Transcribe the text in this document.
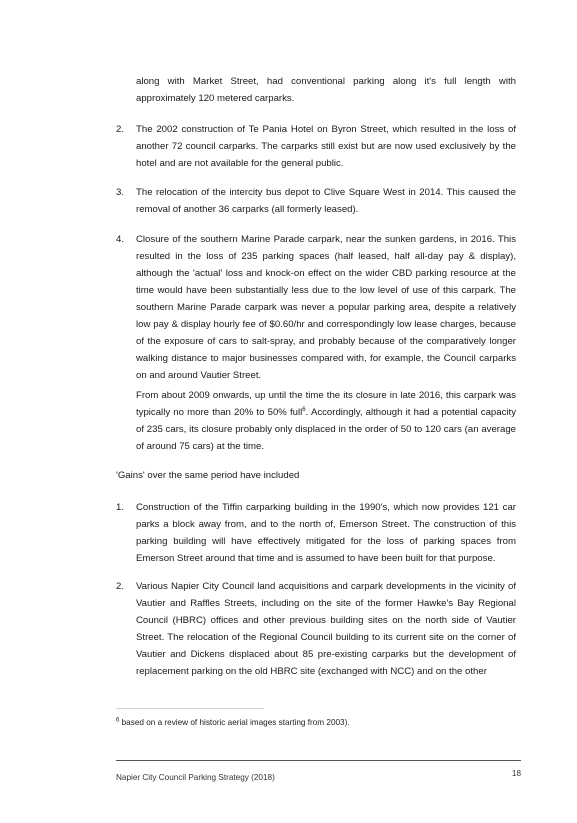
along with Market Street, had conventional parking along it's full length with approximately 120 metered carparks.

2. The 2002 construction of Te Pania Hotel on Byron Street, which resulted in the loss of another 72 council carparks. The carparks still exist but are now used exclusively by the hotel and are not available for the general public.
3. The relocation of the intercity bus depot to Clive Square West in 2014. This caused the removal of another 36 carparks (all formerly leased).
4. Closure of the southern Marine Parade carpark, near the sunken gardens, in 2016. This resulted in the loss of 235 parking spaces (half leased, half all-day pay & display), although the 'actual' loss and knock-on effect on the wider CBD parking resource at the time would have been substantially less due to the low level of use of this carpark. The southern Marine Parade carpark was never a popular parking area, despite a relatively low pay & display hourly fee of $0.60/hr and correspondingly low lease charges, because of the exposure of cars to salt-spray, and probably because of the comparatively longer walking distance to major businesses compared with, for example, the Council carparks on and around Vautier Street.
From about 2009 onwards, up until the time the its closure in late 2016, this carpark was typically no more than 20% to 50% full$^6$. Accordingly, although it had a potential capacity of 235 cars, its closure probably only displaced in the order of 50 to 120 cars (an average of around 75 cars) at the time.
'Gains' over the same period have included
1. Construction of the Tiffin carparking building in the 1990's, which now provides 121 car parks a block away from, and to the north of, Emerson Street. The construction of this parking building will have effectively mitigated for the loss of parking spaces from Emerson Street around that time and is assumed to have been built for that purpose.
2. Various Napier City Council land acquisitions and carpark developments in the vicinity of Vautier and Raffles Streets, including on the site of the former Hawke's Bay Regional Council (HBRC) offices and other previous building sites on the north side of Vautier Street. The relocation of the Regional Council building to its current site on the corner of Vautier and Dickens displaced about 85 pre-existing carparks but the development of replacement parking on the old HBRC site (exchanged with NCC) and on the other
$^6$ based on a review of historic aerial images starting from 2003).
Napier City Council Parking Strategy (2018)	18
